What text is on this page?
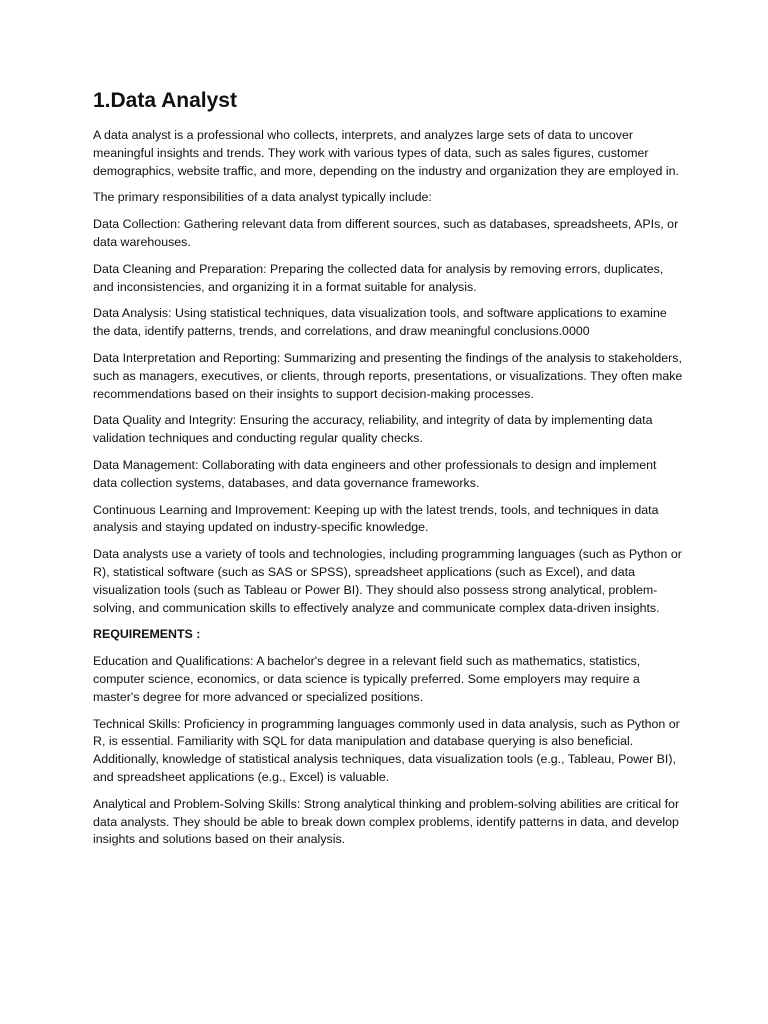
1.Data Analyst

A data analyst is a professional who collects, interprets, and analyzes large sets of data to uncover meaningful insights and trends. They work with various types of data, such as sales figures, customer demographics, website traffic, and more, depending on the industry and organization they are employed in.

The primary responsibilities of a data analyst typically include:

Data Collection: Gathering relevant data from different sources, such as databases, spreadsheets, APIs, or data warehouses.

Data Cleaning and Preparation: Preparing the collected data for analysis by removing errors, duplicates, and inconsistencies, and organizing it in a format suitable for analysis.

Data Analysis: Using statistical techniques, data visualization tools, and software applications to examine the data, identify patterns, trends, and correlations, and draw meaningful conclusions.0000

Data Interpretation and Reporting: Summarizing and presenting the findings of the analysis to stakeholders, such as managers, executives, or clients, through reports, presentations, or visualizations. They often make recommendations based on their insights to support decision-making processes.

Data Quality and Integrity: Ensuring the accuracy, reliability, and integrity of data by implementing data validation techniques and conducting regular quality checks.

Data Management: Collaborating with data engineers and other professionals to design and implement data collection systems, databases, and data governance frameworks.

Continuous Learning and Improvement: Keeping up with the latest trends, tools, and techniques in data analysis and staying updated on industry-specific knowledge.

Data analysts use a variety of tools and technologies, including programming languages (such as Python or R), statistical software (such as SAS or SPSS), spreadsheet applications (such as Excel), and data visualization tools (such as Tableau or Power BI). They should also possess strong analytical, problem-solving, and communication skills to effectively analyze and communicate complex data-driven insights.

REQUIREMENTS :

Education and Qualifications: A bachelor's degree in a relevant field such as mathematics, statistics, computer science, economics, or data science is typically preferred. Some employers may require a master's degree for more advanced or specialized positions.

Technical Skills: Proficiency in programming languages commonly used in data analysis, such as Python or R, is essential. Familiarity with SQL for data manipulation and database querying is also beneficial. Additionally, knowledge of statistical analysis techniques, data visualization tools (e.g., Tableau, Power BI), and spreadsheet applications (e.g., Excel) is valuable.

Analytical and Problem-Solving Skills: Strong analytical thinking and problem-solving abilities are critical for data analysts. They should be able to break down complex problems, identify patterns in data, and develop insights and solutions based on their analysis.
